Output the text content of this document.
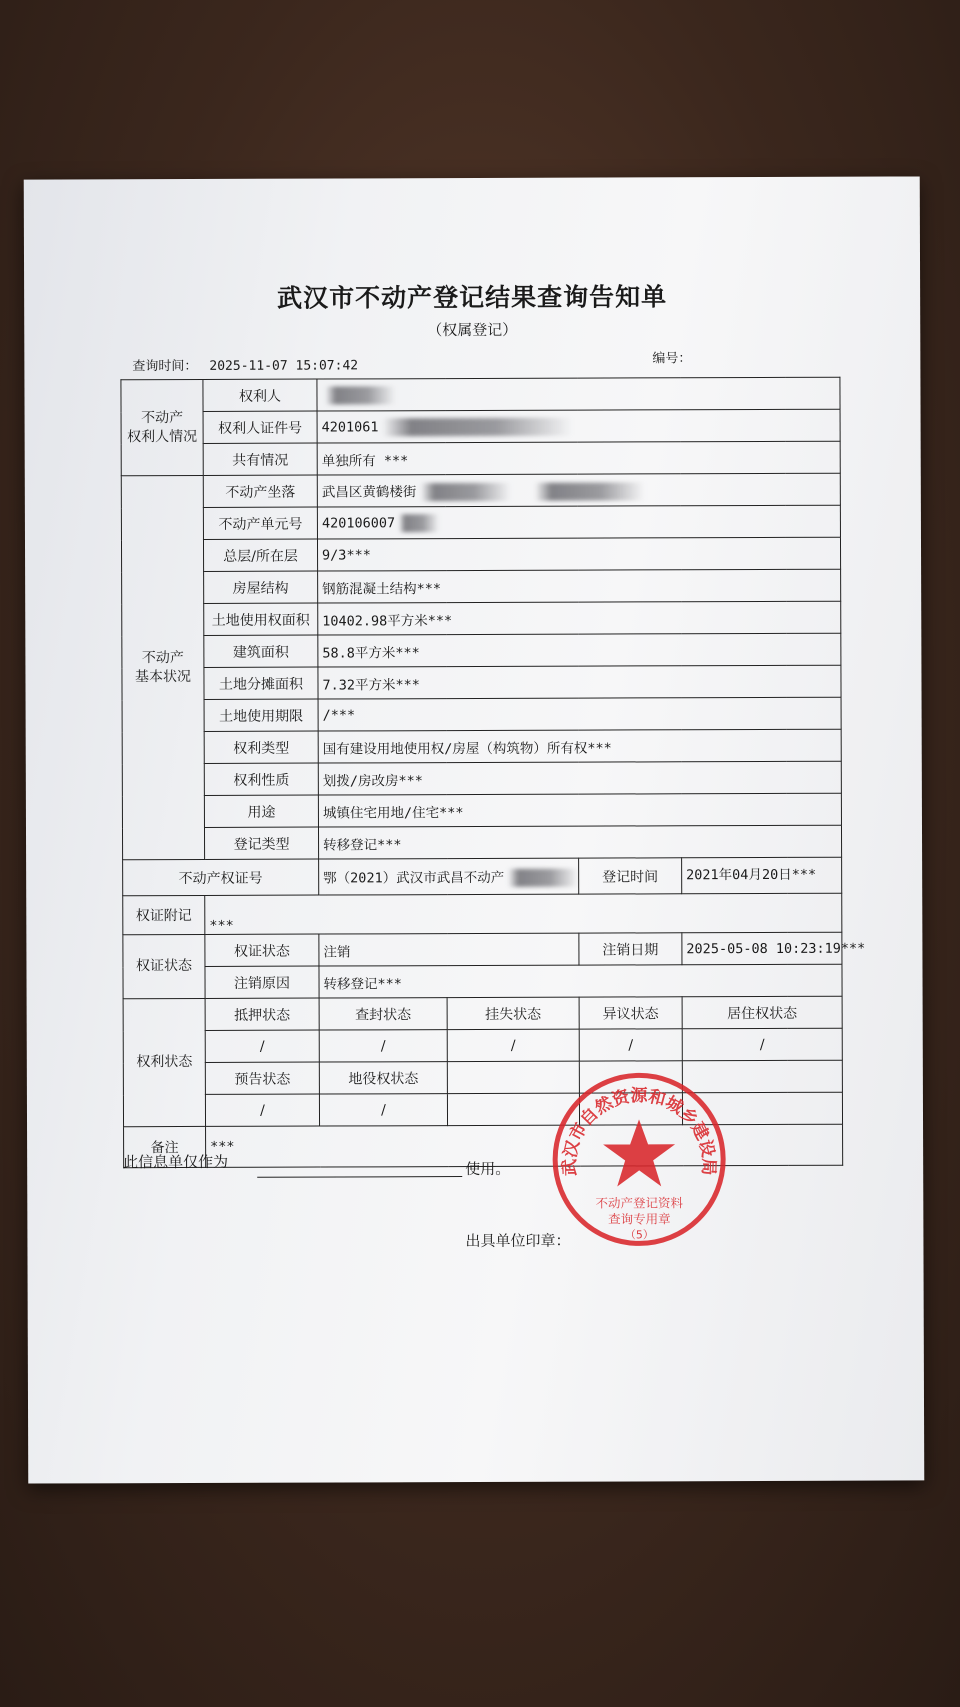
武汉市不动产登记结果查询告知单
（权属登记）
查询时间： 2025-11-07 15:07:42	编号：
不动产
权利人情况	权利人				
	权利人证件号	4201061			
	共有情况	单独所有 ***			
不动产
基本状况	不动产坐落	武昌区黄鹤楼街			
	不动产单元号	420106007			
	总层/所在层	9/3***			
	房屋结构	钢筋混凝土结构***			
	土地使用权面积	10402.98平方米***			
	建筑面积	58.8平方米***			
	土地分摊面积	7.32平方米***			
	土地使用期限	/***			
	权利类型	国有建设用地使用权/房屋（构筑物）所有权***			
	权利性质	划拨/房改房***			
	用途	城镇住宅用地/住宅***			
	登记类型	转移登记***			
不动产权证号		鄂（2021）武汉市武昌不动产		登记时间	2021年04月20日***
权证附记	***				
权证状态	权证状态	注销		注销日期	2025-05-08 10:23:19***
	注销原因	转移登记***			
权利状态	抵押状态	查封状态	挂失状态	异议状态	居住权状态
	/	/	/	/	/
	预告状态	地役权状态			
	/	/			
备注	***				
此信息单仅作为	使用。
出具单位印章：
武汉市自然资源和城乡建设局
不动产登记资料
查询专用章
（5）
